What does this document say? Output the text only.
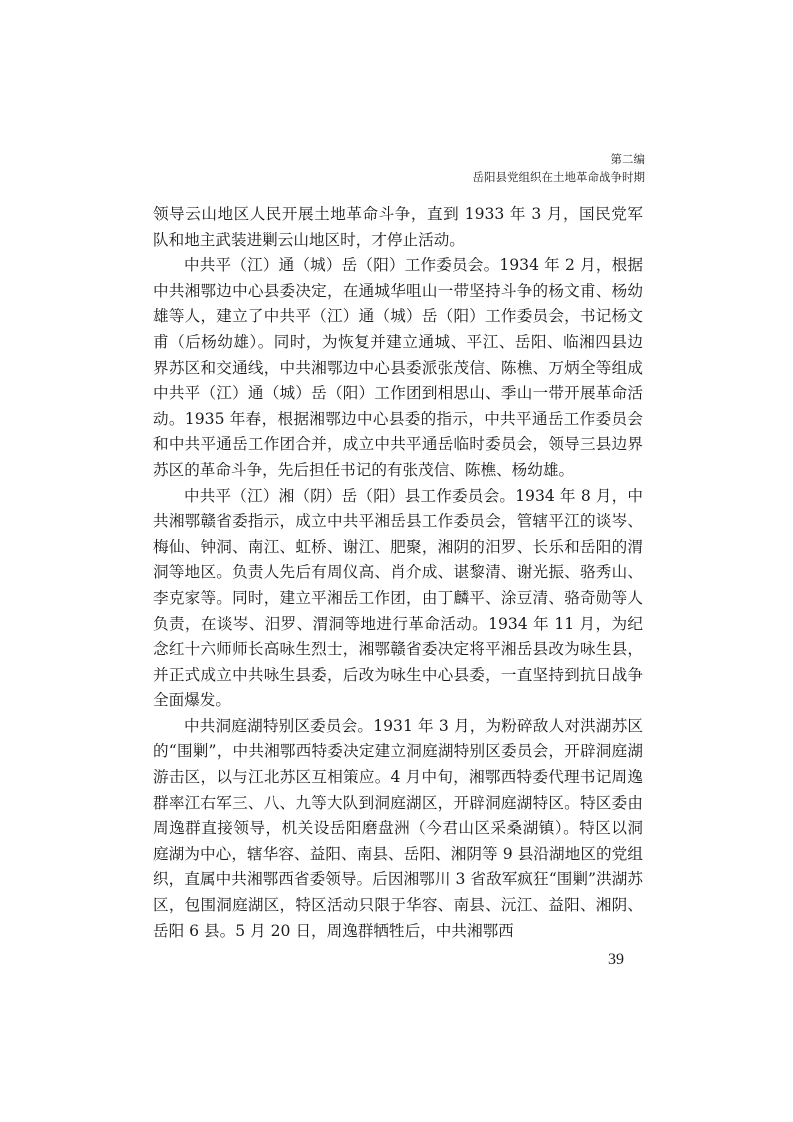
第二编
岳阳县党组织在土地革命战争时期

领导云山地区人民开展土地革命斗争，直到 1933 年 3 月，国民党军队和地主武装进剿云山地区时，才停止活动。

中共平（江）通（城）岳（阳）工作委员会。1934 年 2 月，根据中共湘鄂边中心县委决定，在通城华咀山一带坚持斗争的杨文甫、杨幼雄等人，建立了中共平（江）通（城）岳（阳）工作委员会，书记杨文甫（后杨幼雄）。同时，为恢复并建立通城、平江、岳阳、临湘四县边界苏区和交通线，中共湘鄂边中心县委派张茂信、陈樵、万炳全等组成中共平（江）通（城）岳（阳）工作团到相思山、季山一带开展革命活动。1935 年春，根据湘鄂边中心县委的指示，中共平通岳工作委员会和中共平通岳工作团合并，成立中共平通岳临时委员会，领导三县边界苏区的革命斗争，先后担任书记的有张茂信、陈樵、杨幼雄。

中共平（江）湘（阴）岳（阳）县工作委员会。1934 年 8 月，中共湘鄂赣省委指示，成立中共平湘岳县工作委员会，管辖平江的谈岑、梅仙、钟洞、南江、虹桥、谢江、肥聚，湘阴的汨罗、长乐和岳阳的渭洞等地区。负责人先后有周仪高、肖介成、谌黎清、谢光振、骆秀山、李克家等。同时，建立平湘岳工作团，由丁麟平、涂豆清、骆奇勋等人负责，在谈岑、汨罗、渭洞等地进行革命活动。1934 年 11 月，为纪念红十六师师长高咏生烈士，湘鄂赣省委决定将平湘岳县改为咏生县，并正式成立中共咏生县委，后改为咏生中心县委，一直坚持到抗日战争全面爆发。

中共洞庭湖特别区委员会。1931 年 3 月，为粉碎敌人对洪湖苏区的“围剿”，中共湘鄂西特委决定建立洞庭湖特别区委员会，开辟洞庭湖游击区，以与江北苏区互相策应。4 月中旬，湘鄂西特委代理书记周逸群率江右军三、八、九等大队到洞庭湖区，开辟洞庭湖特区。特区委由周逸群直接领导，机关设岳阳磨盘洲（今君山区采桑湖镇）。特区以洞庭湖为中心，辖华容、益阳、南县、岳阳、湘阴等 9 县沿湖地区的党组织，直属中共湘鄂西省委领导。后因湘鄂川 3 省敌军疯狂“围剿”洪湖苏区，包围洞庭湖区，特区活动只限于华容、南县、沅江、益阳、湘阴、岳阳 6 县。5 月 20 日，周逸群牺牲后，中共湘鄂西

39
